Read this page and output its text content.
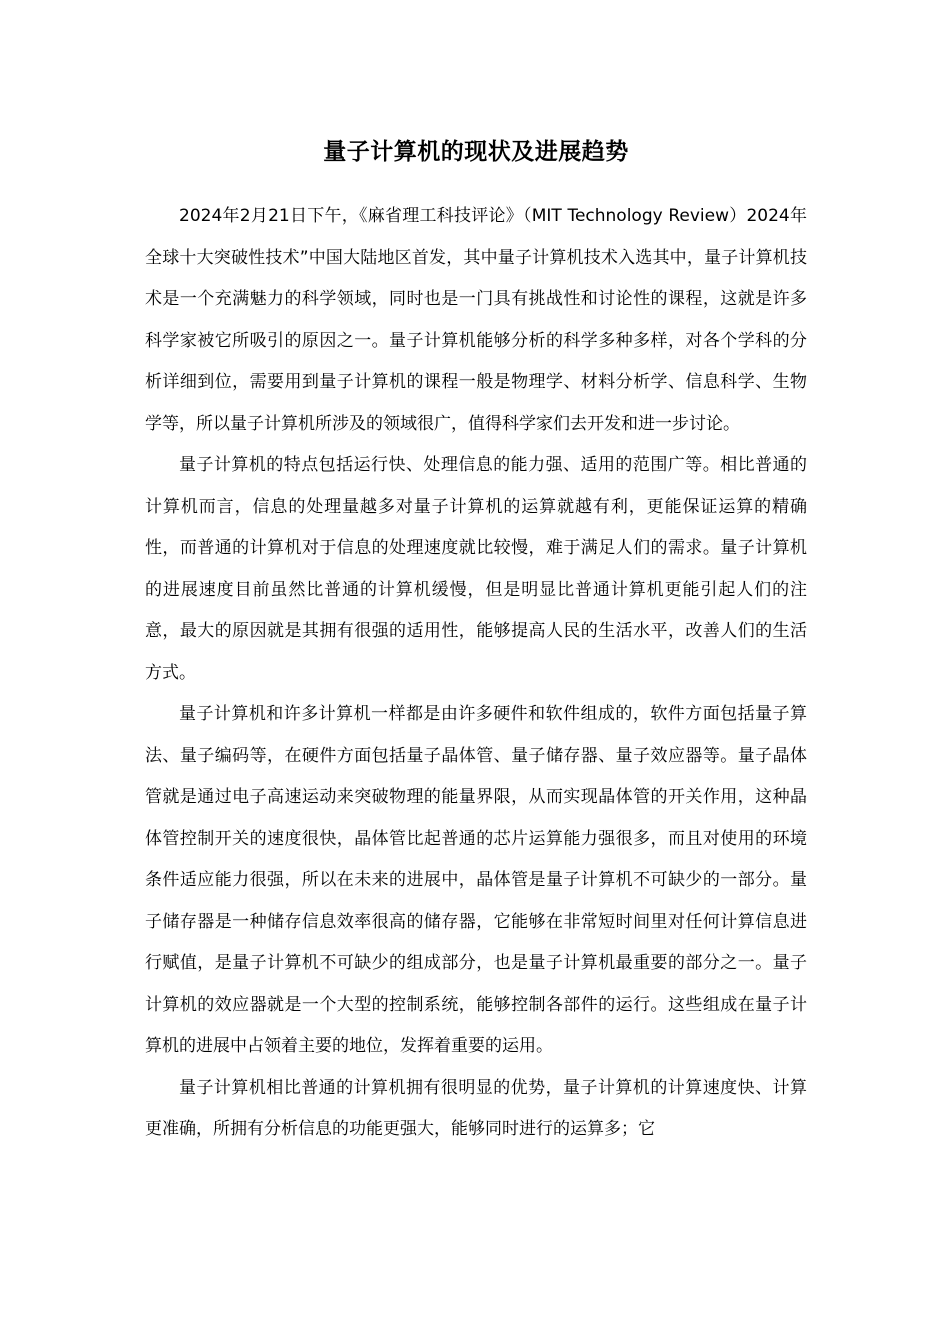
量子计算机的现状及进展趋势

2024年2月21日下午，《麻省理工科技评论》（MIT Technology Review）2024年全球十大突破性技术”中国大陆地区首发，其中量子计算机技术入选其中，量子计算机技术是一个充满魅力的科学领域，同时也是一门具有挑战性和讨论性的课程，这就是许多科学家被它所吸引的原因之一。量子计算机能够分析的科学多种多样，对各个学科的分析详细到位，需要用到量子计算机的课程一般是物理学、材料分析学、信息科学、生物学等，所以量子计算机所涉及的领域很广，值得科学家们去开发和进一步讨论。

量子计算机的特点包括运行快、处理信息的能力强、适用的范围广等。相比普通的计算机而言，信息的处理量越多对量子计算机的运算就越有利，更能保证运算的精确性，而普通的计算机对于信息的处理速度就比较慢，难于满足人们的需求。量子计算机的进展速度目前虽然比普通的计算机缓慢，但是明显比普通计算机更能引起人们的注意，最大的原因就是其拥有很强的适用性，能够提高人民的生活水平，改善人们的生活方式。

量子计算机和许多计算机一样都是由许多硬件和软件组成的，软件方面包括量子算法、量子编码等，在硬件方面包括量子晶体管、量子储存器、量子效应器等。量子晶体管就是通过电子高速运动来突破物理的能量界限，从而实现晶体管的开关作用，这种晶体管控制开关的速度很快，晶体管比起普通的芯片运算能力强很多，而且对使用的环境条件适应能力很强，所以在未来的进展中，晶体管是量子计算机不可缺少的一部分。量子储存器是一种储存信息效率很高的储存器，它能够在非常短时间里对任何计算信息进行赋值，是量子计算机不可缺少的组成部分，也是量子计算机最重要的部分之一。量子计算机的效应器就是一个大型的控制系统，能够控制各部件的运行。这些组成在量子计算机的进展中占领着主要的地位，发挥着重要的运用。

量子计算机相比普通的计算机拥有很明显的优势，量子计算机的计算速度快、计算更准确，所拥有分析信息的功能更强大，能够同时进行的运算多；它
